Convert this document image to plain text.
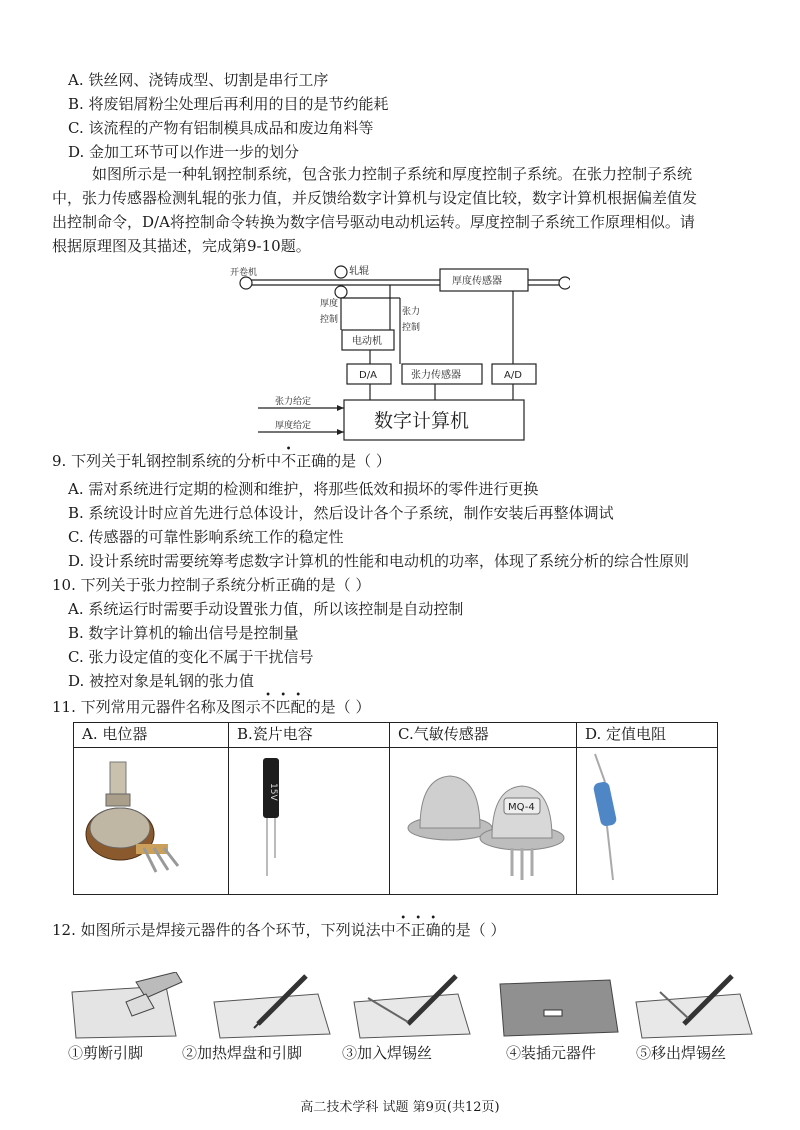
A. 铁丝网、浇铸成型、切割是串行工序
B. 将废铝屑粉尘处理后再利用的目的是节约能耗
C. 该流程的产物有铝制模具成品和废边角料等
D. 金加工环节可以作进一步的划分
如图所示是一种轧钢控制系统，包含张力控制子系统和厚度控制子系统。在张力控制子系统
中，张力传感器检测轧辊的张力值，并反馈给数字计算机与设定值比较，数字计算机根据偏差值发
出控制命令，D/A将控制命令转换为数字信号驱动电动机运转。厚度控制子系统工作原理相似。请
根据原理图及其描述，完成第9-10题。
开卷机	轧辊
厚度传感器
厚度
控制
张力
控制
电动机
D/A	张力传感器	A/D
张力给定
厚度给定	数字计算机
9. 下列关于轧钢控制系统的分析中不正确的是（ ）
A. 需对系统进行定期的检测和维护，将那些低效和损坏的零件进行更换
B. 系统设计时应首先进行总体设计，然后设计各个子系统，制作安装后再整体调试
C. 传感器的可靠性影响系统工作的稳定性
D. 设计系统时需要统筹考虑数字计算机的性能和电动机的功率，体现了系统分析的综合性原则
10. 下列关于张力控制子系统分析正确的是（ ）
A. 系统运行时需要手动设置张力值，所以该控制是自动控制
B. 数字计算机的输出信号是控制量
C. 张力设定值的变化不属于干扰信号
D. 被控对象是轧钢的张力值
11. 下列常用元器件名称及图示不匹配的是（ ）
A. 电位器	B.瓷片电容	C.气敏传感器	D. 定值电阻

15V	MQ-4

12. 如图所示是焊接元器件的各个环节，下列说法中不正确的是（ ）
①剪断引脚	②加热焊盘和引脚	③加入焊锡丝	④装插元器件	⑤移出焊锡丝
高二技术学科 试题 第9页(共12页)
